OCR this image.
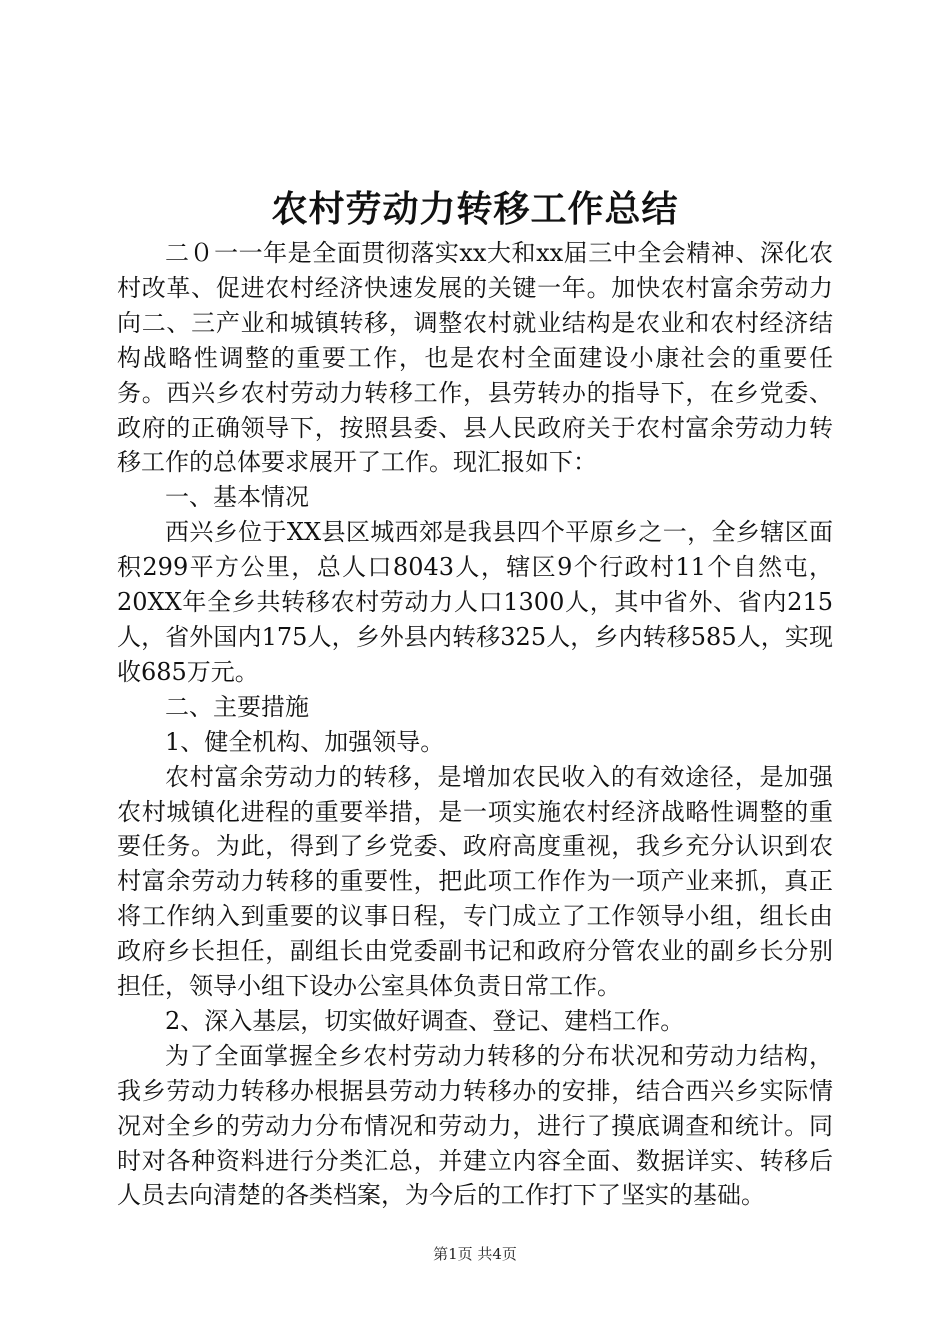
农村劳动力转移工作总结

二０一一年是全面贯彻落实xx大和xx届三中全会精神、深化农村改革、促进农村经济快速发展的关键一年。加快农村富余劳动力向二、三产业和城镇转移，调整农村就业结构是农业和农村经济结构战略性调整的重要工作，也是农村全面建设小康社会的重要任务。西兴乡农村劳动力转移工作，县劳转办的指导下，在乡党委、政府的正确领导下，按照县委、县人民政府关于农村富余劳动力转移工作的总体要求展开了工作。现汇报如下：

一、基本情况

西兴乡位于XX县区城西郊是我县四个平原乡之一，全乡辖区面积299平方公里，总人口8043人，辖区9个行政村11个自然屯，20XX年全乡共转移农村劳动力人口1300人，其中省外、省内215人，省外国内175人，乡外县内转移325人，乡内转移585人，实现收685万元。

二、主要措施

1、健全机构、加强领导。

农村富余劳动力的转移，是增加农民收入的有效途径，是加强农村城镇化进程的重要举措，是一项实施农村经济战略性调整的重要任务。为此，得到了乡党委、政府高度重视，我乡充分认识到农村富余劳动力转移的重要性，把此项工作作为一项产业来抓，真正将工作纳入到重要的议事日程，专门成立了工作领导小组，组长由政府乡长担任，副组长由党委副书记和政府分管农业的副乡长分别担任，领导小组下设办公室具体负责日常工作。

2、深入基层，切实做好调查、登记、建档工作。

为了全面掌握全乡农村劳动力转移的分布状况和劳动力结构，我乡劳动力转移办根据县劳动力转移办的安排，结合西兴乡实际情况对全乡的劳动力分布情况和劳动力，进行了摸底调查和统计。同时对各种资料进行分类汇总，并建立内容全面、数据详实、转移后人员去向清楚的各类档案，为今后的工作打下了坚实的基础。

第1页 共4页
